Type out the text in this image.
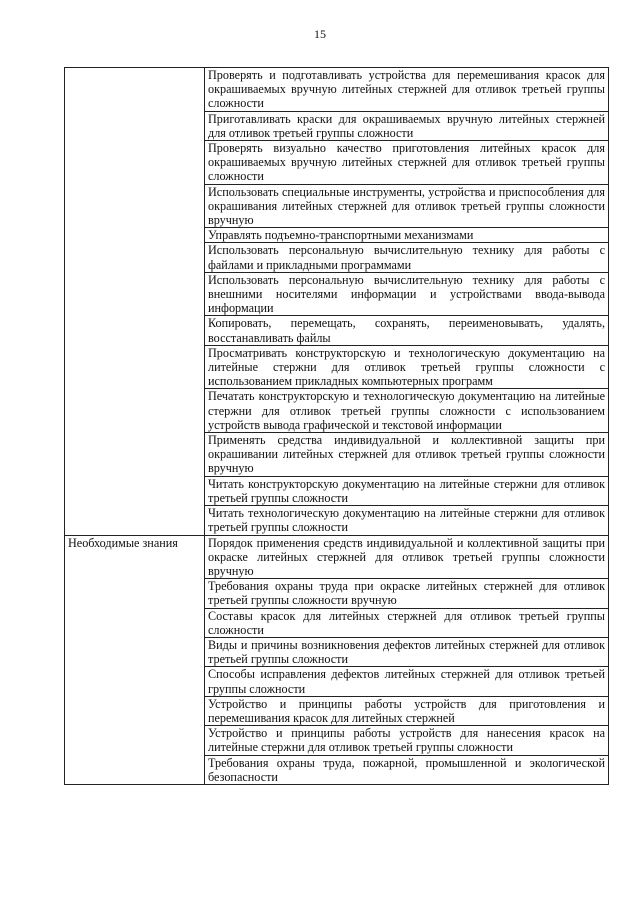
15
	Проверять и подготавливать устройства для перемешивания красок для окрашиваемых вручную литейных стержней для отливок третьей группы сложности
	Приготавливать краски для окрашиваемых вручную литейных стержней для отливок третьей группы сложности
	Проверять визуально качество приготовления литейных красок для окрашиваемых вручную литейных стержней для отливок третьей группы сложности
	Использовать специальные инструменты, устройства и приспособления для окрашивания литейных стержней для отливок третьей группы сложности вручную
	Управлять подъемно-транспортными механизмами
	Использовать персональную вычислительную технику для работы с файлами и прикладными программами
	Использовать персональную вычислительную технику для работы с внешними носителями информации и устройствами ввода-вывода информации
	Копировать, перемещать, сохранять, переименовывать, удалять, восстанавливать файлы
	Просматривать конструкторскую и технологическую документацию на литейные стержни для отливок третьей группы сложности с использованием прикладных компьютерных программ
	Печатать конструкторскую и технологическую документацию на литейные стержни для отливок третьей группы сложности с использованием устройств вывода графической и текстовой информации
	Применять средства индивидуальной и коллективной защиты при окрашивании литейных стержней для отливок третьей группы сложности вручную
	Читать конструкторскую документацию на литейные стержни для отливок третьей группы сложности
	Читать технологическую документацию на литейные стержни для отливок третьей группы сложности
Необходимые знания	Порядок применения средств индивидуальной и коллективной защиты при окраске литейных стержней для отливок третьей группы сложности вручную
	Требования охраны труда при окраске литейных стержней для отливок третьей группы сложности вручную
	Составы красок для литейных стержней для отливок третьей группы сложности
	Виды и причины возникновения дефектов литейных стержней для отливок третьей группы сложности
	Способы исправления дефектов литейных стержней для отливок третьей группы сложности
	Устройство и принципы работы устройств для приготовления и перемешивания красок для литейных стержней
	Устройство и принципы работы устройств для нанесения красок на литейные стержни для отливок третьей группы сложности
	Требования охраны труда, пожарной, промышленной и экологической безопасности
